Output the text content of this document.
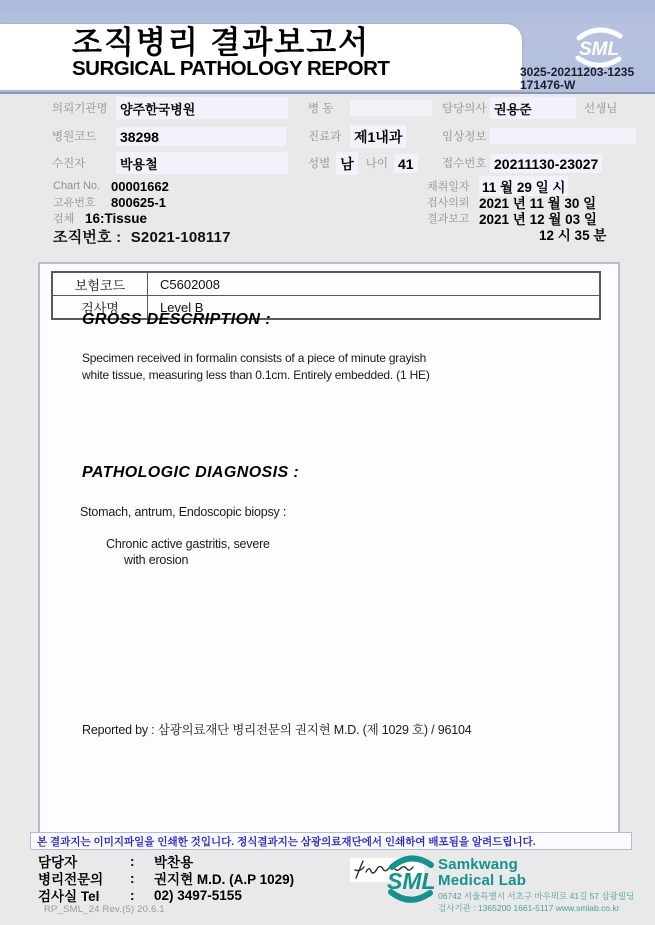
조직병리 결과보고서
SURGICAL PATHOLOGY REPORT
SML
3025-20211203-1235
171476-W
의뢰기관명 양주한국병원	병 동	담당의사 권용준	선생님
병원코드	38298	진료과 제1내과	임상정보
수진자	박용철	성별 남	나이 41	접수번호 20211130-23027
Chart No. 00001662
고유번호	800625-1
검체 16:Tissue
채취일자 11 월 29 일 시
검사의뢰 2021 년 11 월 30 일
결과보고 2021 년 12 월 03 일
12 시 35 분
조직번호 : S2021-108117
보험코드	C5602008
검사명	Level B
GROSS DESCRIPTION :
Specimen received in formalin consists of a piece of minute grayish
white tissue, measuring less than 0.1cm. Entirely embedded. (1 HE)
PATHOLOGIC DIAGNOSIS :
Stomach, antrum, Endoscopic biopsy :
Chronic active gastritis, severe
with erosion
Reported by : 삼광의료재단 병리전문의 권지현 M.D. (제 1029 호) / 96104
본 결과지는 이미지파일을 인쇄한 것입니다. 정식결과지는 삼광의료재단에서 인쇄하여 배포됨을 알려드립니다.
담당자	:	박찬용
병리전문의	:	권지현 M.D. (A.P 1029)
검사실 Tel	:	02) 3497-5155
RP_SML_24 Rev.(5) 20.6.1
SML
Samkwang
Medical Lab
06742 서울특별시 서초구 바우뫼로 41길 57 삼광빌딩
검사기관 : 1365200 1661-5117 www.smlab.co.kr
